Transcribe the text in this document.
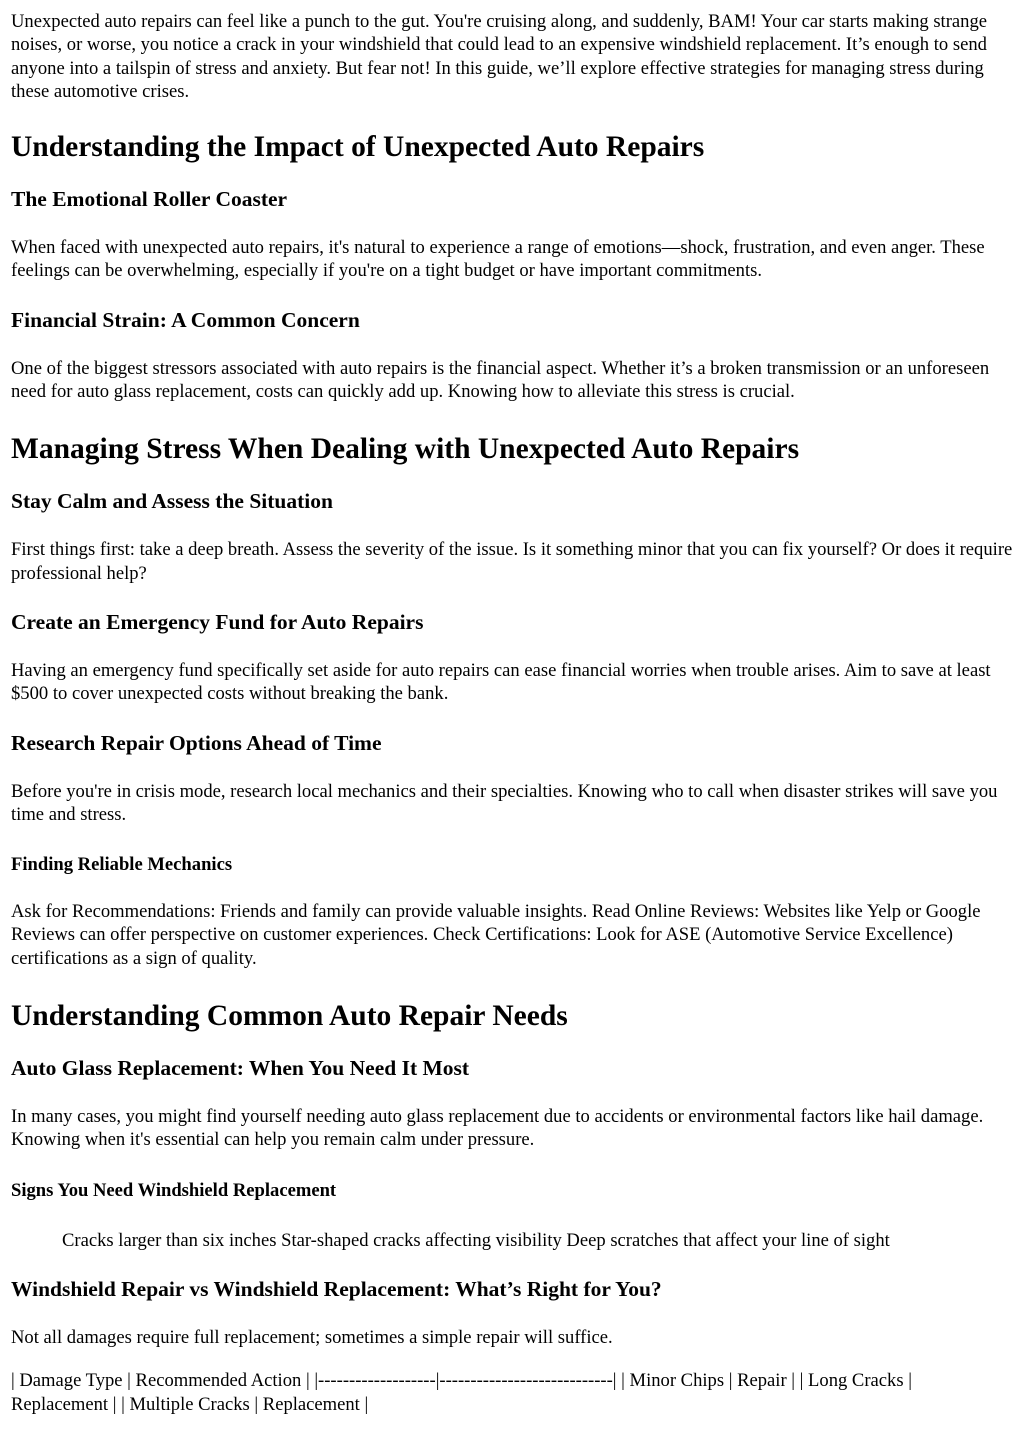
Unexpected auto repairs can feel like a punch to the gut. You're cruising along, and suddenly, BAM! Your car starts making strange noises, or worse, you notice a crack in your windshield that could lead to an expensive windshield replacement. It’s enough to send anyone into a tailspin of stress and anxiety. But fear not! In this guide, we’ll explore effective strategies for managing stress during these automotive crises.

Understanding the Impact of Unexpected Auto Repairs
The Emotional Roller Coaster

When faced with unexpected auto repairs, it's natural to experience a range of emotions—shock, frustration, and even anger. These feelings can be overwhelming, especially if you're on a tight budget or have important commitments.

Financial Strain: A Common Concern

One of the biggest stressors associated with auto repairs is the financial aspect. Whether it’s a broken transmission or an unforeseen need for auto glass replacement, costs can quickly add up. Knowing how to alleviate this stress is crucial.

Managing Stress When Dealing with Unexpected Auto Repairs
Stay Calm and Assess the Situation

First things first: take a deep breath. Assess the severity of the issue. Is it something minor that you can fix yourself? Or does it require professional help?

Create an Emergency Fund for Auto Repairs

Having an emergency fund specifically set aside for auto repairs can ease financial worries when trouble arises. Aim to save at least $500 to cover unexpected costs without breaking the bank.

Research Repair Options Ahead of Time

Before you're in crisis mode, research local mechanics and their specialties. Knowing who to call when disaster strikes will save you time and stress.

Finding Reliable Mechanics

Ask for Recommendations: Friends and family can provide valuable insights. Read Online Reviews: Websites like Yelp or Google Reviews can offer perspective on customer experiences. Check Certifications: Look for ASE (Automotive Service Excellence) certifications as a sign of quality.

Understanding Common Auto Repair Needs
Auto Glass Replacement: When You Need It Most

In many cases, you might find yourself needing auto glass replacement due to accidents or environmental factors like hail damage. Knowing when it's essential can help you remain calm under pressure.

Signs You Need Windshield Replacement

Cracks larger than six inches Star-shaped cracks affecting visibility Deep scratches that affect your line of sight

Windshield Repair vs Windshield Replacement: What’s Right for You?

Not all damages require full replacement; sometimes a simple repair will suffice.

| Damage Type | Recommended Action | |-------------------|----------------------------| | Minor Chips | Repair | | Long Cracks | Replacement | | Multiple Cracks | Replacement |
